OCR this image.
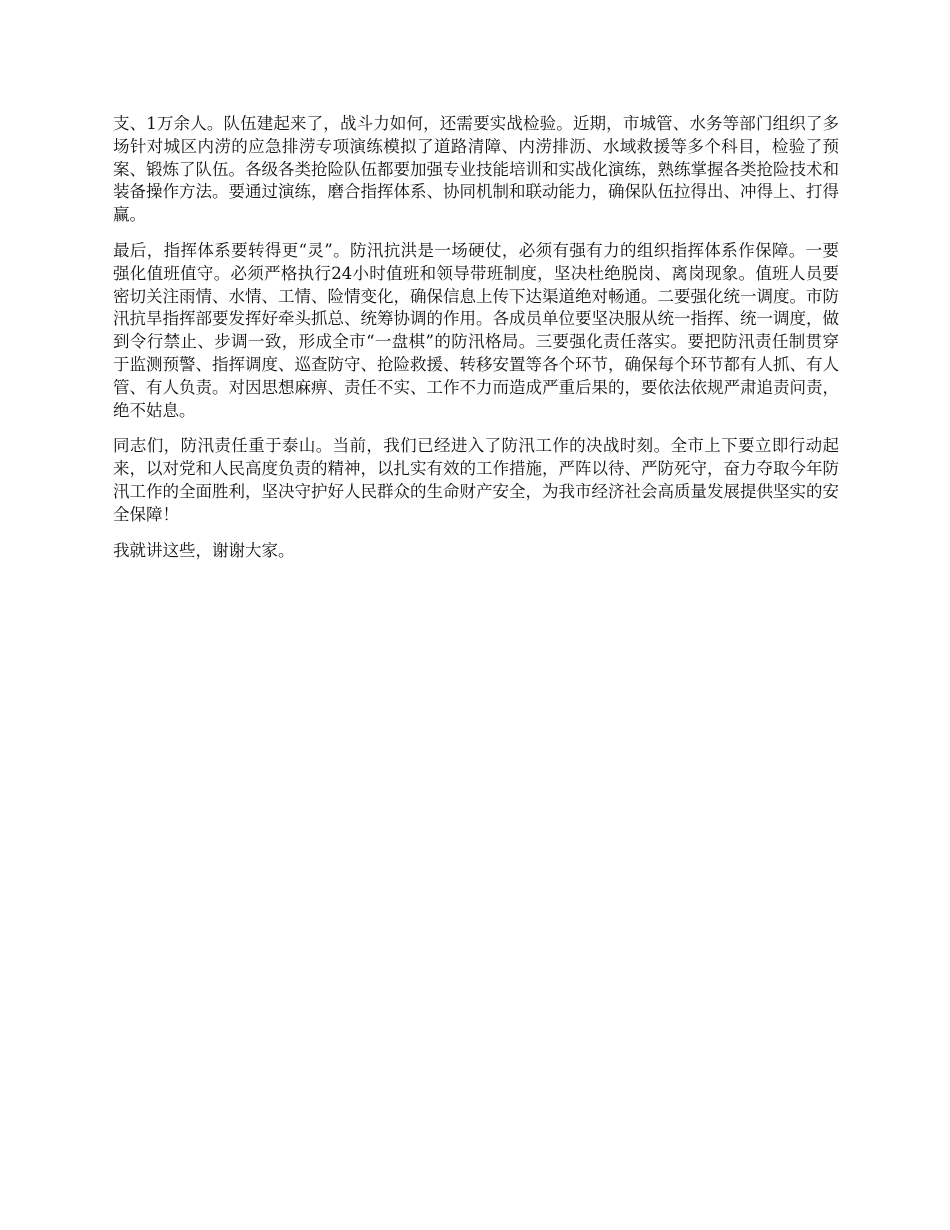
支、1万余人。队伍建起来了，战斗力如何，还需要实战检验。近期，市城管、水务等部门组织了多场针对城区内涝的应急排涝专项演练模拟了道路清障、内涝排沥、水域救援等多个科目，检验了预案、锻炼了队伍。各级各类抢险队伍都要加强专业技能培训和实战化演练，熟练掌握各类抢险技术和装备操作方法。要通过演练，磨合指挥体系、协同机制和联动能力，确保队伍拉得出、冲得上、打得赢。

最后，指挥体系要转得更“灵”。防汛抗洪是一场硬仗，必须有强有力的组织指挥体系作保障。一要强化值班值守。必须严格执行24小时值班和领导带班制度，坚决杜绝脱岗、离岗现象。值班人员要密切关注雨情、水情、工情、险情变化，确保信息上传下达渠道绝对畅通。二要强化统一调度。市防汛抗旱指挥部要发挥好牵头抓总、统筹协调的作用。各成员单位要坚决服从统一指挥、统一调度，做到令行禁止、步调一致，形成全市“一盘棋”的防汛格局。三要强化责任落实。要把防汛责任制贯穿于监测预警、指挥调度、巡查防守、抢险救援、转移安置等各个环节，确保每个环节都有人抓、有人管、有人负责。对因思想麻痹、责任不实、工作不力而造成严重后果的，要依法依规严肃追责问责，绝不姑息。

同志们，防汛责任重于泰山。当前，我们已经进入了防汛工作的决战时刻。全市上下要立即行动起来，以对党和人民高度负责的精神，以扎实有效的工作措施，严阵以待、严防死守，奋力夺取今年防汛工作的全面胜利，坚决守护好人民群众的生命财产安全，为我市经济社会高质量发展提供坚实的安全保障！

我就讲这些，谢谢大家。
